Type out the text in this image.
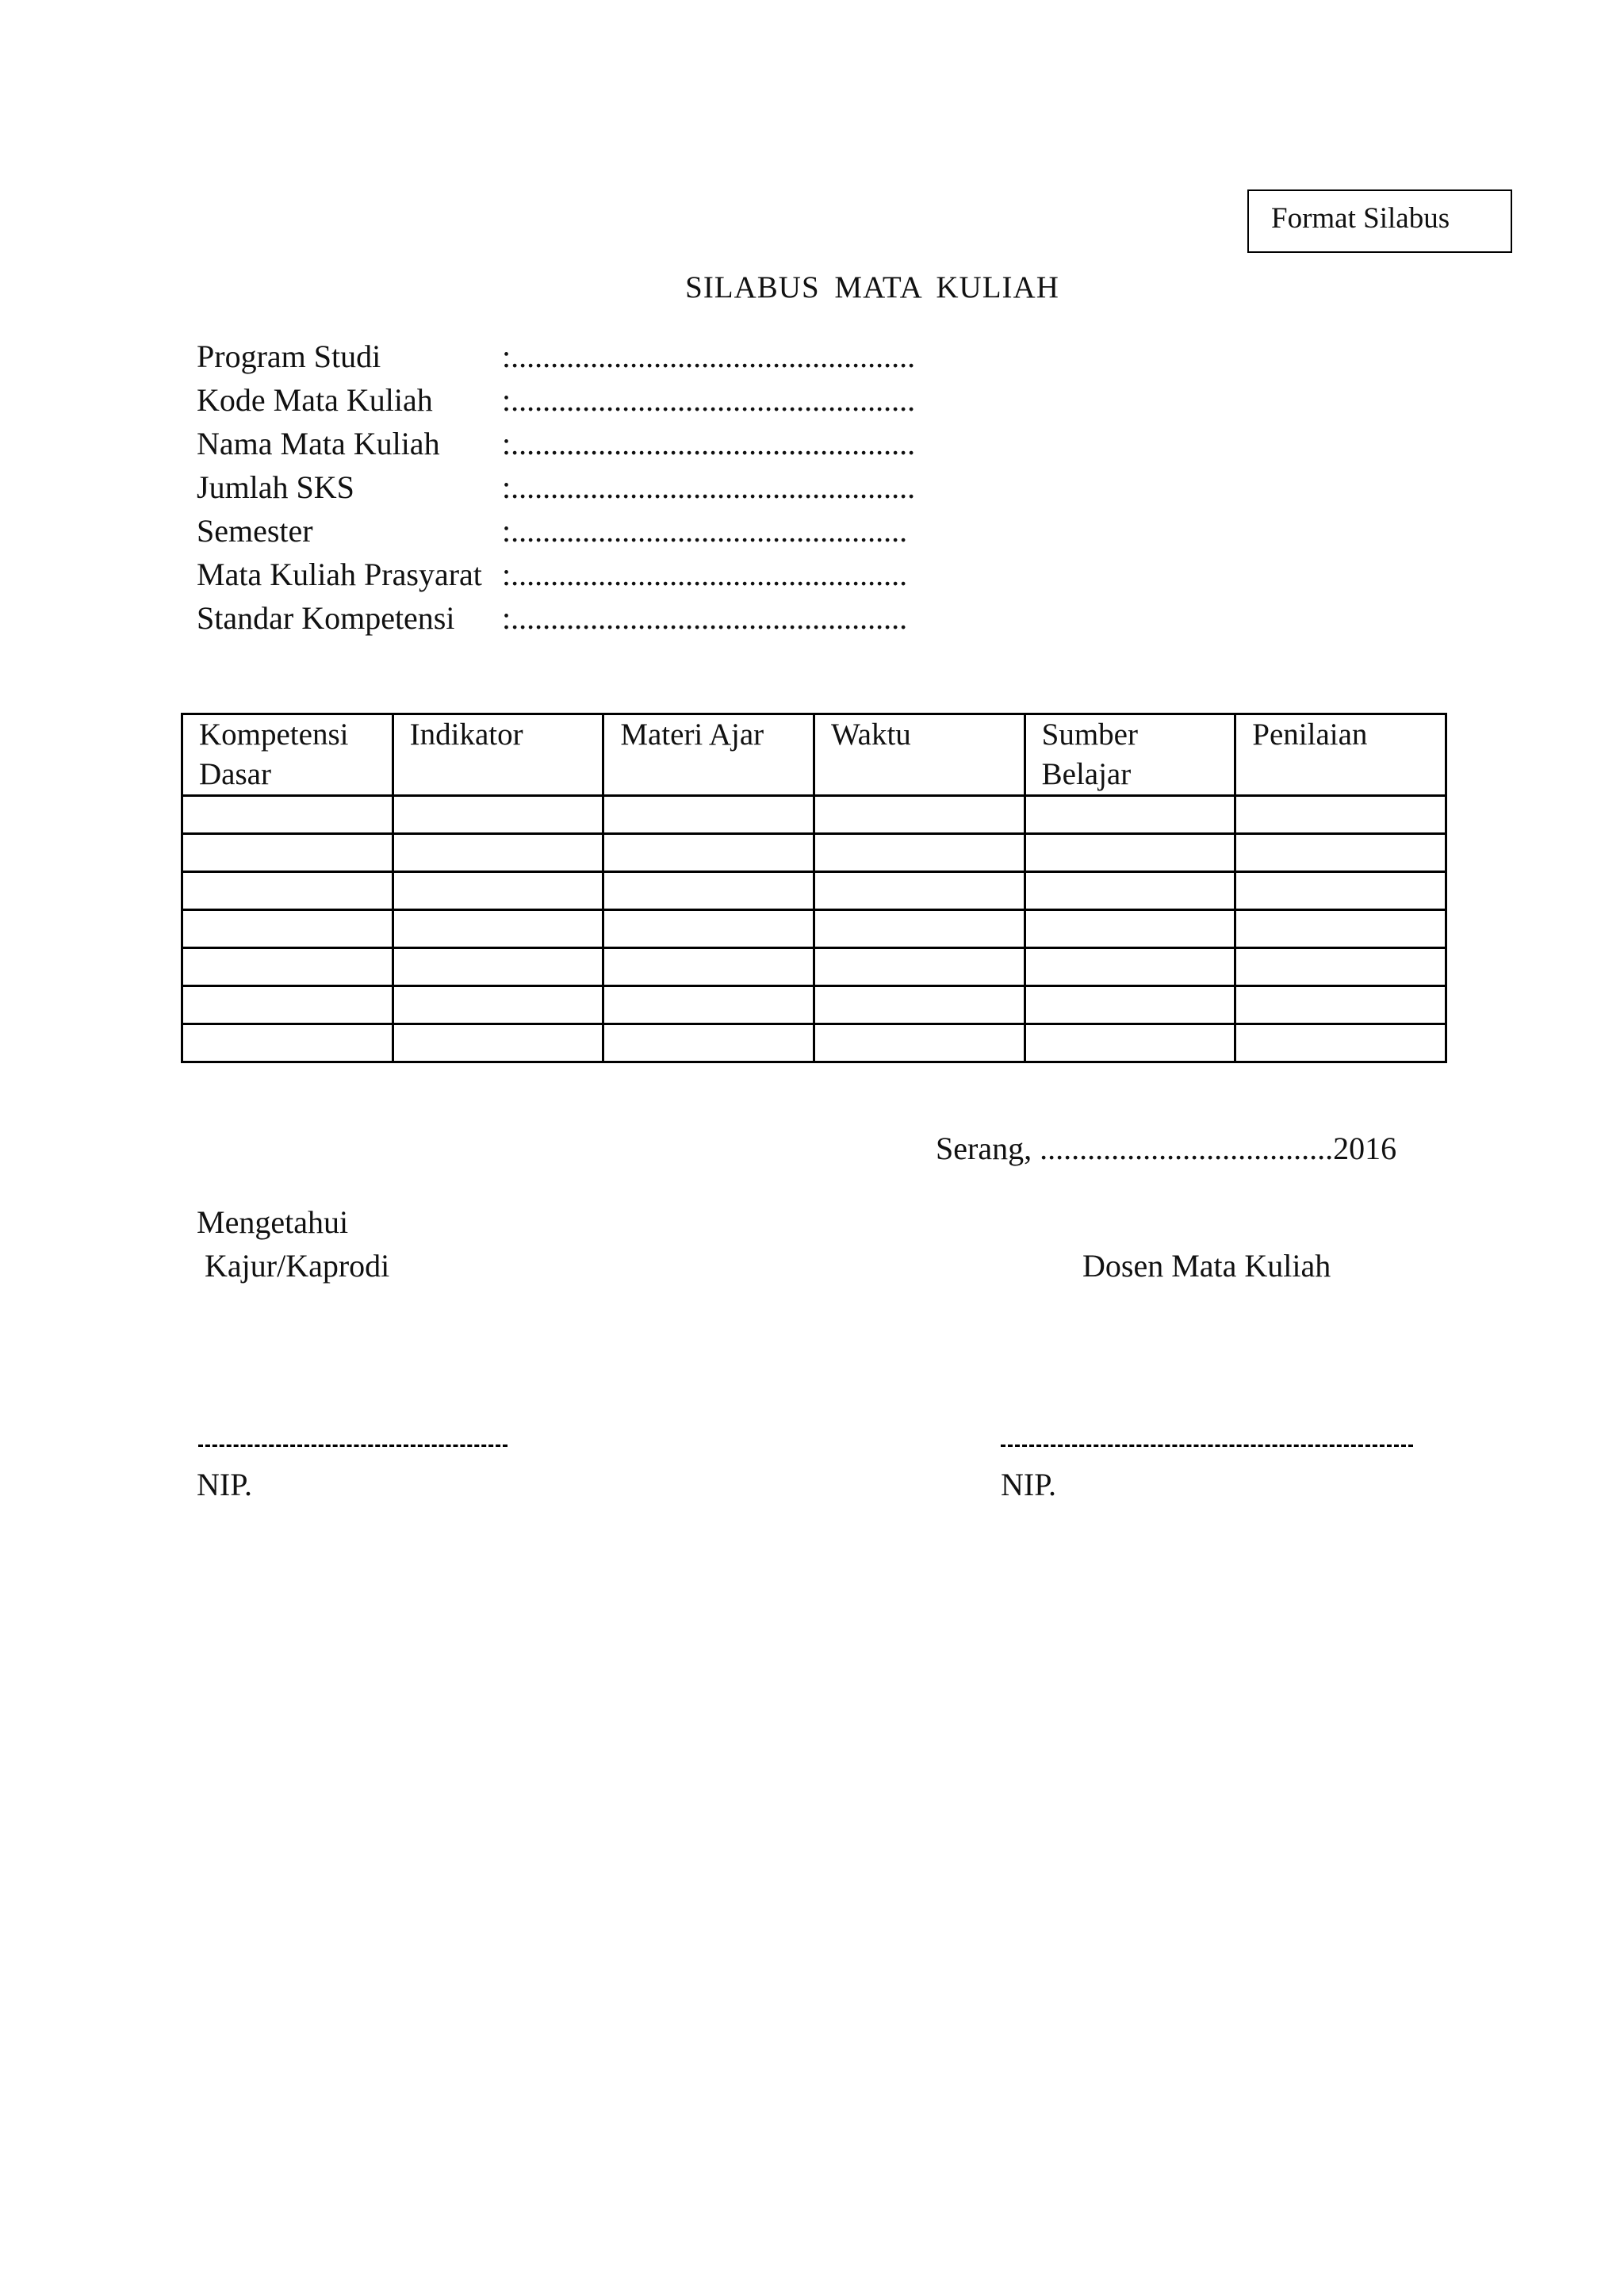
Format Silabus
SILABUS MATA KULIAH
Program Studi	:...................................................
Kode Mata Kuliah	:...................................................
Nama Mata Kuliah	:...................................................
Jumlah SKS	:...................................................
Semester	:..................................................
Mata Kuliah Prasyarat :..................................................
Standar Kompetensi	:..................................................
Kompetensi Dasar	Indikator	Materi Ajar	Waktu	Sumber Belajar	Penilaian

Serang, .....................................2016
Mengetahui
Kajur/Kaprodi	Dosen Mata Kuliah
NIP.	NIP.
